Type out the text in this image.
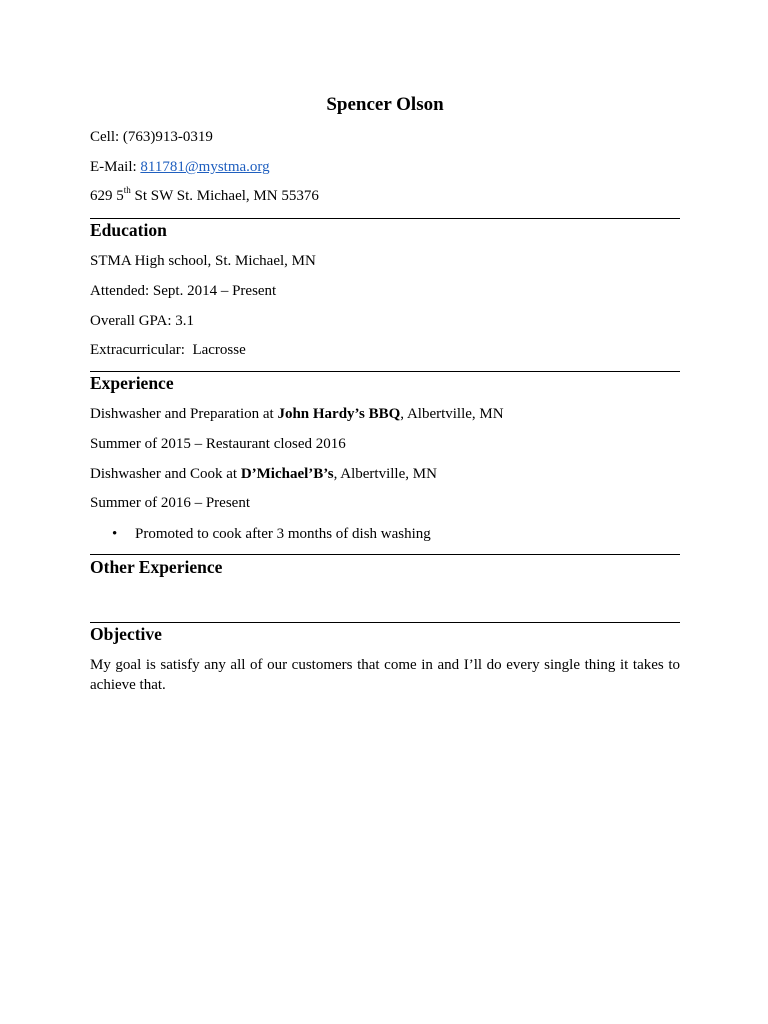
Spencer Olson
Cell: (763)913-0319
E-Mail: 811781@mystma.org
629 5th St SW St. Michael, MN 55376
Education
STMA High school, St. Michael, MN
Attended: Sept. 2014 – Present
Overall GPA: 3.1
Extracurricular:  Lacrosse
Experience
Dishwasher and Preparation at John Hardy’s BBQ, Albertville, MN
Summer of 2015 – Restaurant closed 2016
Dishwasher and Cook at D’Michael’B’s, Albertville, MN
Summer of 2016 – Present
• Promoted to cook after 3 months of dish washing
Other Experience
Objective
My goal is satisfy any all of our customers that come in and I’ll do every single thing it takes to achieve that.
